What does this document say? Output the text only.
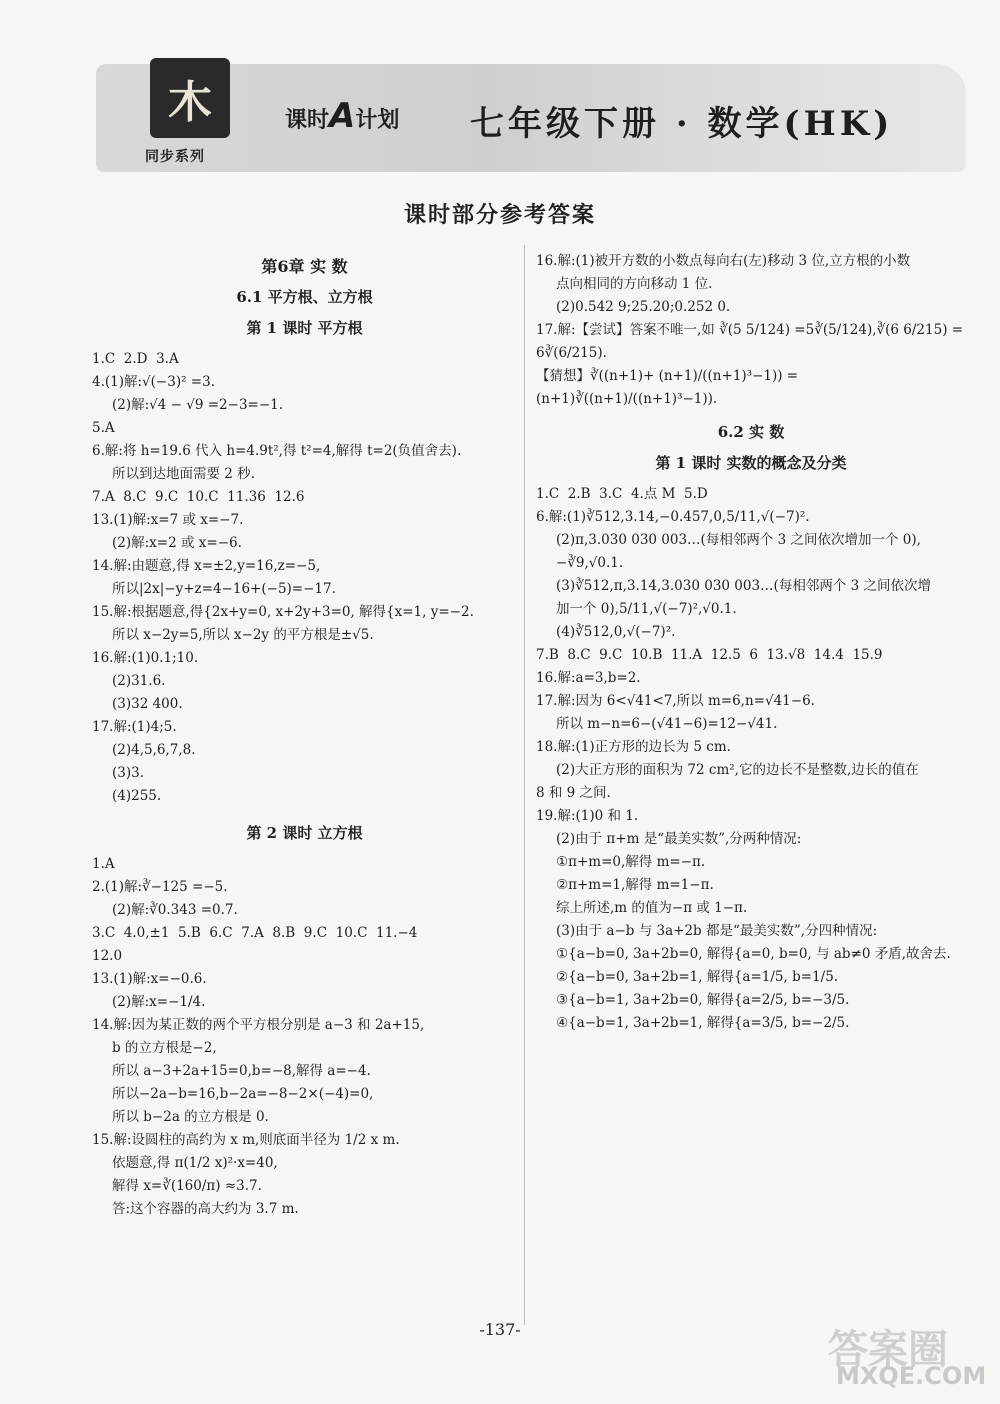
木
同步系列
课时A计划 七年级下册 · 数学(HK)
课时部分参考答案
第6章 实 数
6.1 平方根、立方根
第 1 课时 平方根
1.C  2.D  3.A
4.(1)解:√(−3)² =3.
(2)解:√4 − √9 =2−3=−1.
5.A
6.解:将 h=19.6 代入 h=4.9t²,得 t²=4,解得 t=2(负值舍去).
所以到达地面需要 2 秒.
7.A  8.C  9.C  10.C  11.36  12.6
13.(1)解:x=7 或 x=−7.
(2)解:x=2 或 x=−6.
14.解:由题意,得 x=±2,y=16,z=−5,
所以|2x|−y+z=4−16+(−5)=−17.
15.解:根据题意,得{2x+y=0, x+2y+3=0, 解得{x=1, y=−2.
所以 x−2y=5,所以 x−2y 的平方根是±√5.
16.解:(1)0.1;10.
(2)31.6.
(3)32 400.
17.解:(1)4;5.
(2)4,5,6,7,8.
(3)3.
(4)255.
第 2 课时 立方根
1.A
2.(1)解:∛−125 =−5.
(2)解:∛0.343 =0.7.
3.C  4.0,±1  5.B  6.C  7.A  8.B  9.C  10.C  11.−4
12.0
13.(1)解:x=−0.6.
(2)解:x=−1/4.
14.解:因为某正数的两个平方根分别是 a−3 和 2a+15,
b 的立方根是−2,
所以 a−3+2a+15=0,b=−8,解得 a=−4.
所以−2a−b=16,b−2a=−8−2×(−4)=0,
所以 b−2a 的立方根是 0.
15.解:设圆柱的高约为 x m,则底面半径为 1/2 x m.
依题意,得 π(1/2 x)²·x=40,
解得 x=∛(160/π) ≈3.7.
答:这个容器的高大约为 3.7 m.
16.解:(1)被开方数的小数点每向右(左)移动 3 位,立方根的小数
点向相同的方向移动 1 位.
(2)0.542 9;25.20;0.252 0.
17.解:【尝试】答案不唯一,如 ∛(5 5/124) =5∛(5/124),∛(6 6/215) =
6∛(6/215).
【猜想】∛((n+1)+ (n+1)/((n+1)³−1)) =(n+1)∛((n+1)/((n+1)³−1)).
6.2 实 数
第 1 课时 实数的概念及分类
1.C  2.B  3.C  4.点 M  5.D
6.解:(1)∛512,3.14,−0.457,0,5/11,√(−7)².
(2)π,3.030 030 003…(每相邻两个 3 之间依次增加一个 0),
−∛9,√0.1.
(3)∛512,π,3.14,3.030 030 003…(每相邻两个 3 之间依次增
加一个 0),5/11,√(−7)²,√0.1.
(4)∛512,0,√(−7)².
7.B  8.C  9.C  10.B  11.A  12.5  6  13.√8  14.4  15.9
16.解:a=3,b=2.
17.解:因为 6<√41<7,所以 m=6,n=√41−6.
所以 m−n=6−(√41−6)=12−√41.
18.解:(1)正方形的边长为 5 cm.
(2)大正方形的面积为 72 cm²,它的边长不是整数,边长的值在
8 和 9 之间.
19.解:(1)0 和 1.
(2)由于 π+m 是“最美实数”,分两种情况:
①π+m=0,解得 m=−π.
②π+m=1,解得 m=1−π.
综上所述,m 的值为−π 或 1−π.
(3)由于 a−b 与 3a+2b 都是“最美实数”,分四种情况:
①{a−b=0, 3a+2b=0, 解得{a=0, b=0, 与 ab≠0 矛盾,故舍去.
②{a−b=0, 3a+2b=1, 解得{a=1/5, b=1/5.
③{a−b=1, 3a+2b=0, 解得{a=2/5, b=−3/5.
④{a−b=1, 3a+2b=1, 解得{a=3/5, b=−2/5.
-137-	答案圈
MXQE.COM
